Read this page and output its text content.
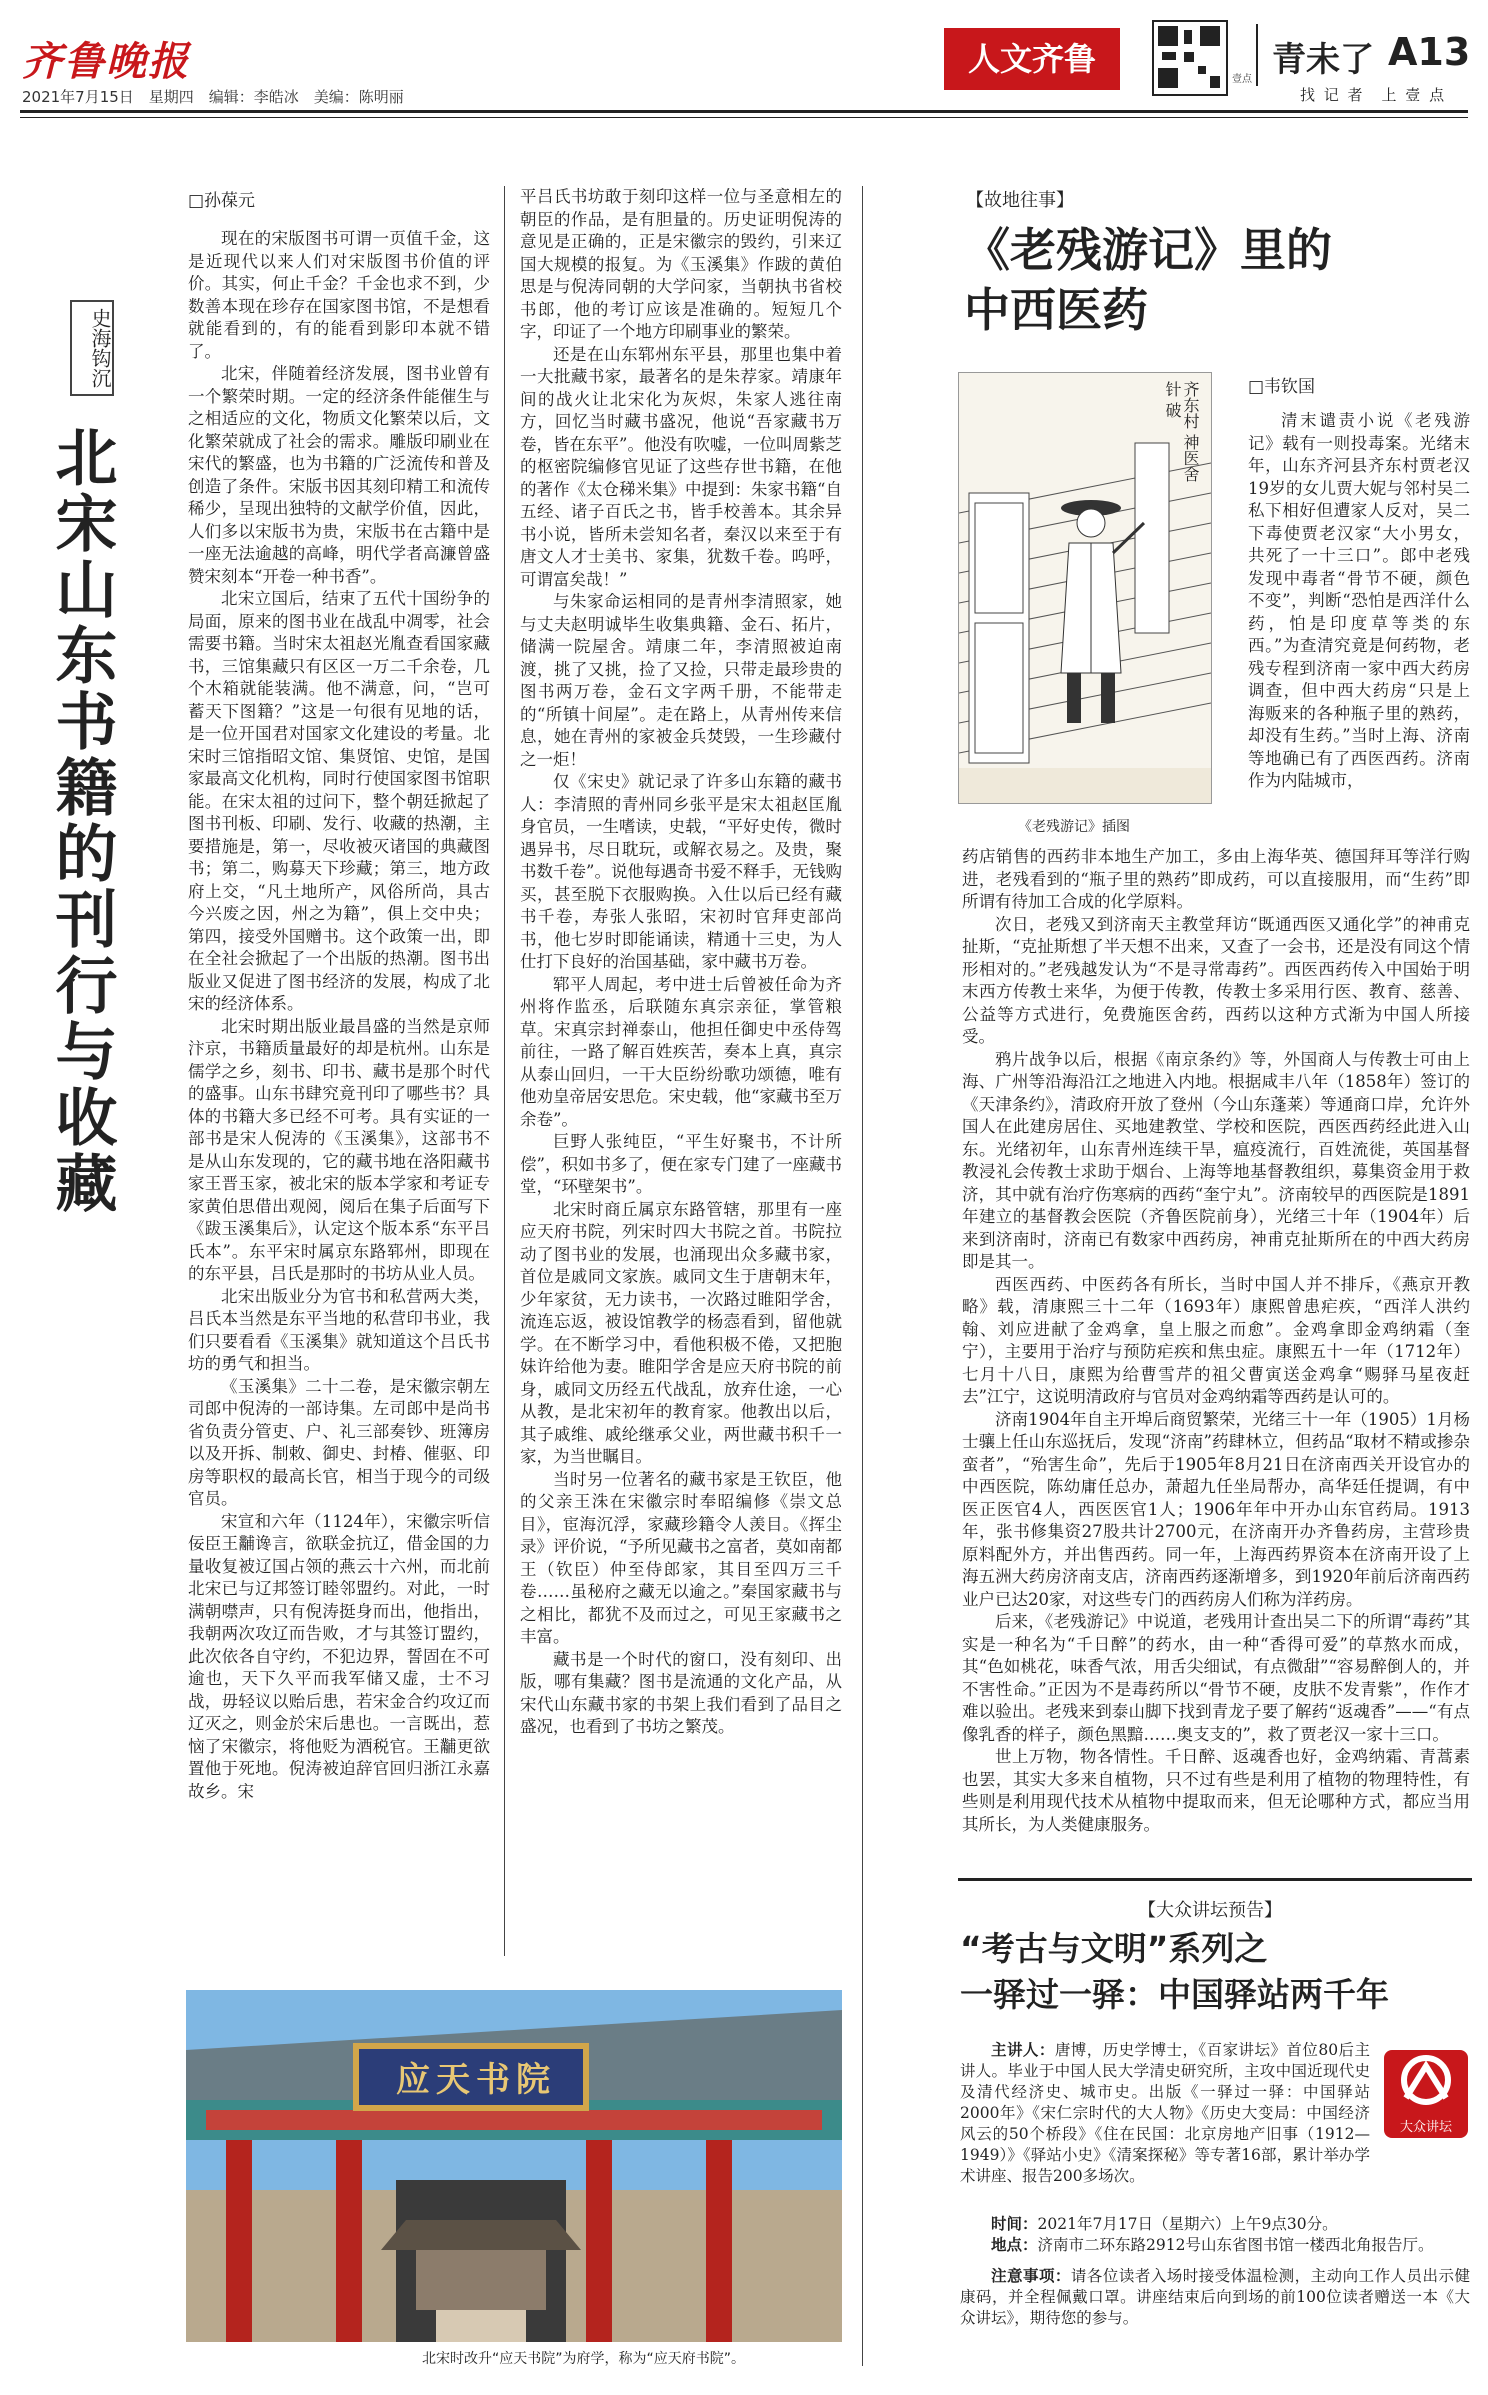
齐鲁晚报
2021年7月15日　星期四　编辑：李皓冰　美编：陈明丽
人文齐鲁
壹点 青未了 A13
找 记 者　上 壹 点
史海钩沉
北宋山东书籍的刊行与收藏
□孙葆元

现在的宋版图书可谓一页值千金，这是近现代以来人们对宋版图书价值的评价。其实，何止千金？千金也求不到，少数善本现在珍存在国家图书馆，不是想看就能看到的，有的能看到影印本就不错了。

北宋，伴随着经济发展，图书业曾有一个繁荣时期。一定的经济条件能催生与之相适应的文化，物质文化繁荣以后，文化繁荣就成了社会的需求。雕版印刷业在宋代的繁盛，也为书籍的广泛流传和普及创造了条件。宋版书因其刻印精工和流传稀少，呈现出独特的文献学价值，因此，人们多以宋版书为贵，宋版书在古籍中是一座无法逾越的高峰，明代学者高濂曾盛赞宋刻本“开卷一种书香”。

北宋立国后，结束了五代十国纷争的局面，原来的图书业在战乱中凋零，社会需要书籍。当时宋太祖赵光胤查看国家藏书，三馆集藏只有区区一万二千余卷，几个木箱就能装满。他不满意，问，“岂可蓄天下图籍？”这是一句很有见地的话，是一位开国君对国家文化建设的考量。北宋时三馆指昭文馆、集贤馆、史馆，是国家最高文化机构，同时行使国家图书馆职能。在宋太祖的过问下，整个朝廷掀起了图书刊板、印刷、发行、收藏的热潮，主要措施是，第一，尽收被灭诸国的典藏图书；第二，购募天下珍藏；第三，地方政府上交，“凡土地所产，风俗所尚，具古今兴废之因，州之为籍”，俱上交中央；第四，接受外国赠书。这个政策一出，即在全社会掀起了一个出版的热潮。图书出版业又促进了图书经济的发展，构成了北宋的经济体系。

北宋时期出版业最昌盛的当然是京师汴京，书籍质量最好的却是杭州。山东是儒学之乡，刻书、印书、藏书是那个时代的盛事。山东书肆究竟刊印了哪些书？具体的书籍大多已经不可考。具有实证的一部书是宋人倪涛的《玉溪集》，这部书不是从山东发现的，它的藏书地在洛阳藏书家王晋玉家，被北宋的版本学家和考证专家黄伯思借出观阅，阅后在集子后面写下《跋玉溪集后》，认定这个版本系“东平吕氏本”。东平宋时属京东路郓州，即现在的东平县，吕氏是那时的书坊从业人员。

北宋出版业分为官书和私营两大类，吕氏本当然是东平当地的私营印书业，我们只要看看《玉溪集》就知道这个吕氏书坊的勇气和担当。

《玉溪集》二十二卷，是宋徽宗朝左司郎中倪涛的一部诗集。左司郎中是尚书省负责分管吏、户、礼三部奏钞、班簿房以及开拆、制敕、御史、封椿、催驱、印房等职权的最高长官，相当于现今的司级官员。

宋宣和六年（1124年），宋徽宗听信佞臣王黼谗言，欲联金抗辽，借金国的力量收复被辽国占领的燕云十六州，而北前北宋已与辽邦签订睦邻盟约。对此，一时满朝噤声，只有倪涛挺身而出，他指出，我朝两次攻辽而告败，才与其签订盟约，此次依各自守约，不犯边界，誓固在不可逾也，天下久平而我军储又虚，士不习战，毋轻议以贻后患，若宋金合约攻辽而辽灭之，则金於宋后患也。一言既出，惹恼了宋徽宗，将他贬为酒税官。王黼更欲置他于死地。倪涛被迫辞官回归浙江永嘉故乡。宋

平吕氏书坊敢于刻印这样一位与圣意相左的朝臣的作品，是有胆量的。历史证明倪涛的意见是正确的，正是宋徽宗的毁约，引来辽国大规模的报复。为《玉溪集》作跋的黄伯思是与倪涛同朝的大学问家，当朝执书省校书郎，他的考订应该是准确的。短短几个字，印证了一个地方印刷事业的繁荣。

还是在山东郓州东平县，那里也集中着一大批藏书家，最著名的是朱荐家。靖康年间的战火让北宋化为灰烬，朱家人逃往南方，回忆当时藏书盛况，他说“吾家藏书万卷，皆在东平”。他没有吹嘘，一位叫周紫芝的枢密院编修官见证了这些存世书籍，在他的著作《太仓稊米集》中提到：朱家书籍“自五经、诸子百氏之书，皆手校善本。其余异书小说，皆所未尝知名者，秦汉以来至于有唐文人才士美书、家集，犹数千卷。呜呼，可谓富矣哉！”

与朱家命运相同的是青州李清照家，她与丈夫赵明诚毕生收集典籍、金石、拓片，储满一院屋舍。靖康二年，李清照被迫南渡，挑了又挑，捡了又捡，只带走最珍贵的图书两万卷，金石文字两千册，不能带走的“所镇十间屋”。走在路上，从青州传来信息，她在青州的家被金兵焚毁，一生珍藏付之一炬！

仅《宋史》就记录了许多山东籍的藏书人：李清照的青州同乡张平是宋太祖赵匡胤身官员，一生嗜读，史载，“平好史传，微时遇异书，尽日耽玩，或解衣易之。及贵，聚书数千卷”。说他每遇奇书爱不释手，无钱购买，甚至脱下衣服购换。入仕以后已经有藏书千卷，寿张人张昭，宋初时官拜吏部尚书，他七岁时即能诵读，精通十三史，为人仕打下良好的治国基础，家中藏书万卷。

郓平人周起，考中进士后曾被任命为齐州将作监丞，后联随东真宗亲征，掌管粮草。宋真宗封禅泰山，他担任御史中丞侍驾前往，一路了解百姓疾苦，奏本上真，真宗从泰山回归，一干大臣纷纷歌功颂德，唯有他劝皇帝居安思危。宋史载，他“家藏书至万余卷”。

巨野人张纯臣，“平生好聚书，不计所偿”，积如书多了，便在家专门建了一座藏书堂，“环壁架书”。

北宋时商丘属京东路管辖，那里有一座应天府书院，列宋时四大书院之首。书院拉动了图书业的发展，也涌现出众多藏书家，首位是戚同文家族。戚同文生于唐朝末年，少年家贫，无力读书，一次路过睢阳学舍，流连忘返，被设馆教学的杨悫看到，留他就学。在不断学习中，看他积极不倦，又把胞妹许给他为妻。睢阳学舍是应天府书院的前身，戚同文历经五代战乱，放弃仕途，一心从教，是北宋初年的教育家。他教出以后，其子戚维、戚纶继承父业，两世藏书积千一家，为当世瞩目。

当时另一位著名的藏书家是王钦臣，他的父亲王洙在宋徽宗时奉昭编修《崇文总目》，宦海沉浮，家藏珍籍令人羡目。《挥尘录》评价说，“予所见藏书之富者，莫如南都王（钦臣）仲至侍郎家，其目至四万三千卷……虽秘府之藏无以逾之。”秦国家藏书与之相比，都犹不及而过之，可见王家藏书之丰富。

藏书是一个时代的窗口，没有刻印、出版，哪有集藏？图书是流通的文化产品，从宋代山东藏书家的书架上我们看到了品目之盛况，也看到了书坊之繁茂。

应天书院
北宋时改升“应天书院”为府学，称为“应天府书院”。
【故地往事】
《老残游记》里的
中西医药
齐东村 神医舍 针 破
《老残游记》插图
□韦钦国

清末谴责小说《老残游记》载有一则投毒案。光绪末年，山东齐河县齐东村贾老汉19岁的女儿贾大妮与邻村吴二私下相好但遭家人反对，吴二下毒使贾老汉家“大小男女，共死了一十三口”。郎中老残发现中毒者“骨节不硬，颜色不变”，判断“恐怕是西洋什么药，怕是印度草等类的东西。”为查清究竟是何药物，老残专程到济南一家中西大药房调查，但中西大药房“只是上海贩来的各种瓶子里的熟药，却没有生药。”当时上海、济南等地确已有了西医西药。济南作为内陆城市，

药店销售的西药非本地生产加工，多由上海华英、德国拜耳等洋行购进，老残看到的“瓶子里的熟药”即成药，可以直接服用，而“生药”即所谓有待加工合成的化学原料。

次日，老残又到济南天主教堂拜访“既通西医又通化学”的神甫克扯斯，“克扯斯想了半天想不出来，又查了一会书，还是没有同这个情形相对的。”老残越发认为“不是寻常毒药”。西医西药传入中国始于明末西方传教士来华，为便于传教，传教士多采用行医、教育、慈善、公益等方式进行，免费施医舍药，西药以这种方式渐为中国人所接受。

鸦片战争以后，根据《南京条约》等，外国商人与传教士可由上海、广州等沿海沿江之地进入内地。根据咸丰八年（1858年）签订的《天津条约》，清政府开放了登州（今山东蓬莱）等通商口岸，允许外国人在此建房居住、买地建教堂、学校和医院，西医西药经此进入山东。光绪初年，山东青州连续干旱，瘟疫流行，百姓流徙，英国基督教浸礼会传教士求助于烟台、上海等地基督教组织，募集资金用于救济，其中就有治疗伤寒病的西药“奎宁丸”。济南较早的西医院是1891年建立的基督教会医院（齐鲁医院前身），光绪三十年（1904年）后来到济南时，济南已有数家中西药房，神甫克扯斯所在的中西大药房即是其一。

西医西药、中医药各有所长，当时中国人并不排斥，《燕京开教略》载，清康熙三十二年（1693年）康熙曾患疟疾，“西洋人洪约翰、刘应进献了金鸡拿，皇上服之而愈”。金鸡拿即金鸡纳霜（奎宁），主要用于治疗与预防疟疾和焦虫症。康熙五十一年（1712年）七月十八日，康熙为给曹雪芹的祖父曹寅送金鸡拿“赐驿马星夜赶去”江宁，这说明清政府与官员对金鸡纳霜等西药是认可的。

济南1904年自主开埠后商贸繁荣，光绪三十一年（1905）1月杨士骧上任山东巡抚后，发现“济南”药肆林立，但药品“取材不精或掺杂蛮者”，“殆害生命”，先后于1905年8月21日在济南西关开设官办的中西医院，陈幼庸任总办，萧超九任坐局帮办，高华廷任提调，有中医正医官4人，西医医官1人；1906年年中开办山东官药局。1913年，张书修集资27股共计2700元，在济南开办齐鲁药房，主营珍贵原料配外方，并出售西药。同一年，上海西药界资本在济南开设了上海五洲大药房济南支店，济南西药逐渐增多，到1920年前后济南西药业户已达20家，对这些专门的西药房人们称为洋药房。

后来，《老残游记》中说道，老残用计查出吴二下的所谓“毒药”其实是一种名为“千日醉”的药水，由一种“香得可爱”的草熬水而成，其“色如桃花，味香气浓，用舌尖细试，有点微甜”“容易醉倒人的，并不害性命。”正因为不是毒药所以“骨节不硬，皮肤不发青紫”，作作才难以验出。老残来到泰山脚下找到青龙子要了解药“返魂香”——“有点像乳香的样子，颜色黑黯……奥支支的”，救了贾老汉一家十三口。

世上万物，物各情性。千日醉、返魂香也好，金鸡纳霜、青蒿素也罢，其实大多来自植物，只不过有些是利用了植物的物理特性，有些则是利用现代技术从植物中提取而来，但无论哪种方式，都应当用其所长，为人类健康服务。

【大众讲坛预告】
“考古与文明”系列之
一驿过一驿：中国驿站两千年
大众讲坛

主讲人：唐博，历史学博士，《百家讲坛》首位80后主讲人。毕业于中国人民大学清史研究所，主攻中国近现代史及清代经济史、城市史。出版《一驿过一驿：中国驿站2000年》《宋仁宗时代的大人物》《历史大变局：中国经济风云的50个桥段》《住在民国：北京房地产旧事（1912—1949）》《驿站小史》《清案探秘》等专著16部，累计举办学术讲座、报告200多场次。

时间：2021年7月17日（星期六）上午9点30分。

地点：济南市二环东路2912号山东省图书馆一楼西北角报告厅。

注意事项：请各位读者入场时接受体温检测，主动向工作人员出示健康码，并全程佩戴口罩。讲座结束后向到场的前100位读者赠送一本《大众讲坛》，期待您的参与。
